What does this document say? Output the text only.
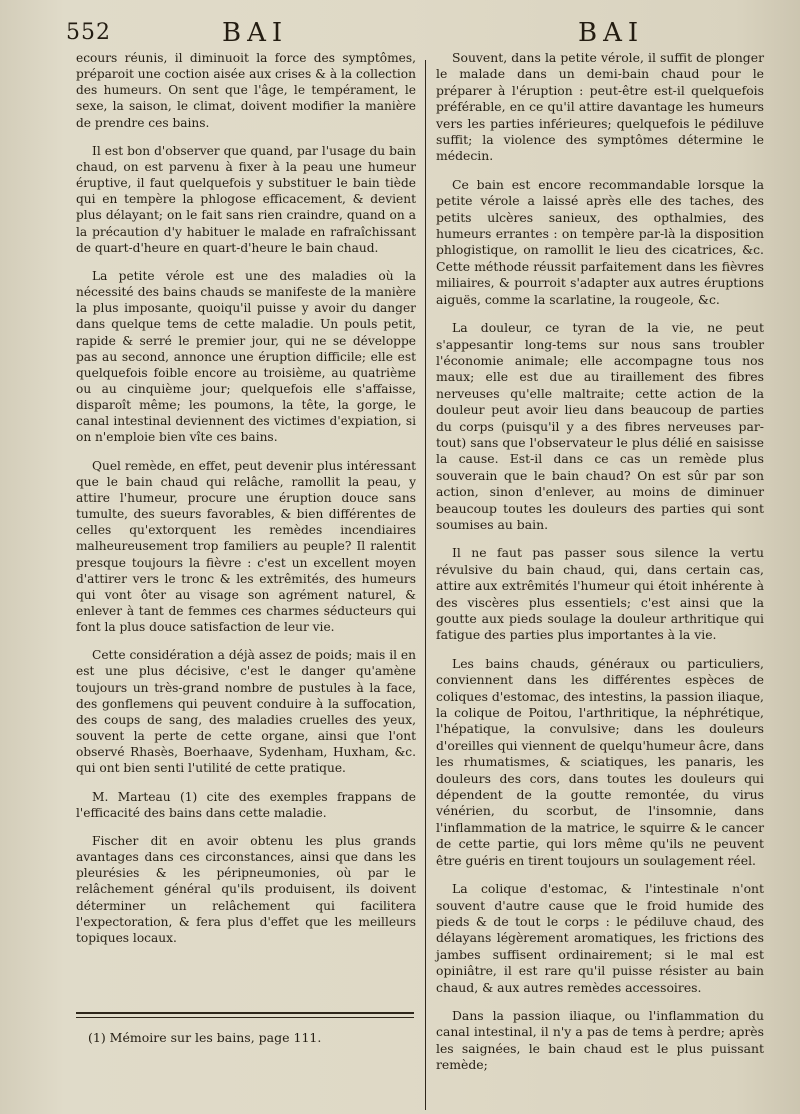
552	BAI	BAI

ecours réunis, il diminuoit la force des symptômes, préparoit une coction aisée aux crises & à la collection des humeurs. On sent que l'âge, le tempérament, le sexe, la saison, le climat, doivent modifier la manière de prendre ces bains.

Il est bon d'observer que quand, par l'usage du bain chaud, on est parvenu à fixer à la peau une humeur éruptive, il faut quelquefois y substituer le bain tiède qui en tempère la phlogose efficacement, & devient plus délayant; on le fait sans rien craindre, quand on a la précaution d'y habituer le malade en rafraîchissant de quart-d'heure en quart-d'heure le bain chaud.

La petite vérole est une des maladies où la nécessité des bains chauds se manifeste de la manière la plus imposante, quoiqu'il puisse y avoir du danger dans quelque tems de cette maladie. Un pouls petit, rapide & serré le premier jour, qui ne se développe pas au second, annonce une éruption difficile; elle est quelquefois foible encore au troisième, au quatrième ou au cinquième jour; quelquefois elle s'affaisse, disparoît même; les poumons, la tête, la gorge, le canal intestinal deviennent des victimes d'expiation, si on n'emploie bien vîte ces bains.

Quel remède, en effet, peut devenir plus intéressant que le bain chaud qui relâche, ramollit la peau, y attire l'humeur, procure une éruption douce sans tumulte, des sueurs favorables, & bien différentes de celles qu'extorquent les remèdes incendiaires malheureusement trop familiers au peuple? Il ralentit presque toujours la fièvre : c'est un excellent moyen d'attirer vers le tronc & les extrêmités, des humeurs qui vont ôter au visage son agrément naturel, & enlever à tant de femmes ces charmes séducteurs qui font la plus douce satisfaction de leur vie.

Cette considération a déjà assez de poids; mais il en est une plus décisive, c'est le danger qu'amène toujours un très-grand nombre de pustules à la face, des gonflemens qui peuvent conduire à la suffocation, des coups de sang, des maladies cruelles des yeux, souvent la perte de cette organe, ainsi que l'ont observé Rhasès, Boerhaave, Sydenham, Huxham, &c. qui ont bien senti l'utilité de cette pratique.

M. Marteau (1) cite des exemples frappans de l'efficacité des bains dans cette maladie.

Fischer dit en avoir obtenu les plus grands avantages dans ces circonstances, ainsi que dans les pleurésies & les péripneumonies, où par le relâchement général qu'ils produisent, ils doivent déterminer un relâchement qui facilitera l'expectoration, & fera plus d'effet que les meilleurs topiques locaux.

Souvent, dans la petite vérole, il suffit de plonger le malade dans un demi-bain chaud pour le préparer à l'éruption : peut-être est-il quelquefois préférable, en ce qu'il attire davantage les humeurs vers les parties inférieures; quelquefois le pédiluve suffit; la violence des symptômes détermine le médecin.

Ce bain est encore recommandable lorsque la petite vérole a laissé après elle des taches, des petits ulcères sanieux, des opthalmies, des humeurs errantes : on tempère par-là la disposition phlogistique, on ramollit le lieu des cicatrices, &c. Cette méthode réussit parfaitement dans les fièvres miliaires, & pourroit s'adapter aux autres éruptions aiguës, comme la scarlatine, la rougeole, &c.

La douleur, ce tyran de la vie, ne peut s'appesantir long-tems sur nous sans troubler l'économie animale; elle accompagne tous nos maux; elle est due au tiraillement des fibres nerveuses qu'elle maltraite; cette action de la douleur peut avoir lieu dans beaucoup de parties du corps (puisqu'il y a des fibres nerveuses par-tout) sans que l'observateur le plus délié en saisisse la cause. Est-il dans ce cas un remède plus souverain que le bain chaud? On est sûr par son action, sinon d'enlever, au moins de diminuer beaucoup toutes les douleurs des parties qui sont soumises au bain.

Il ne faut pas passer sous silence la vertu révulsive du bain chaud, qui, dans certain cas, attire aux extrêmités l'humeur qui étoit inhérente à des viscères plus essentiels; c'est ainsi que la goutte aux pieds soulage la douleur arthritique qui fatigue des parties plus importantes à la vie.

Les bains chauds, généraux ou particuliers, conviennent dans les différentes espèces de coliques d'estomac, des intestins, la passion iliaque, la colique de Poitou, l'arthritique, la néphrétique, l'hépatique, la convulsive; dans les douleurs d'oreilles qui viennent de quelqu'humeur âcre, dans les rhumatismes, & sciatiques, les panaris, les douleurs des cors, dans toutes les douleurs qui dépendent de la goutte remontée, du virus vénérien, du scorbut, de l'insomnie, dans l'inflammation de la matrice, le squirre & le cancer de cette partie, qui lors même qu'ils ne peuvent être guéris en tirent toujours un soulagement réel.

La colique d'estomac, & l'intestinale n'ont souvent d'autre cause que le froid humide des pieds & de tout le corps : le pédiluve chaud, des délayans légèrement aromatiques, les frictions des jambes suffisent ordinairement; si le mal est opiniâtre, il est rare qu'il puisse résister au bain chaud, & aux autres remèdes accessoires.

Dans la passion iliaque, ou l'inflammation du canal intestinal, il n'y a pas de tems à perdre; après les saignées, le bain chaud est le plus puissant remède;

(1) Mémoire sur les bains, page 111.
